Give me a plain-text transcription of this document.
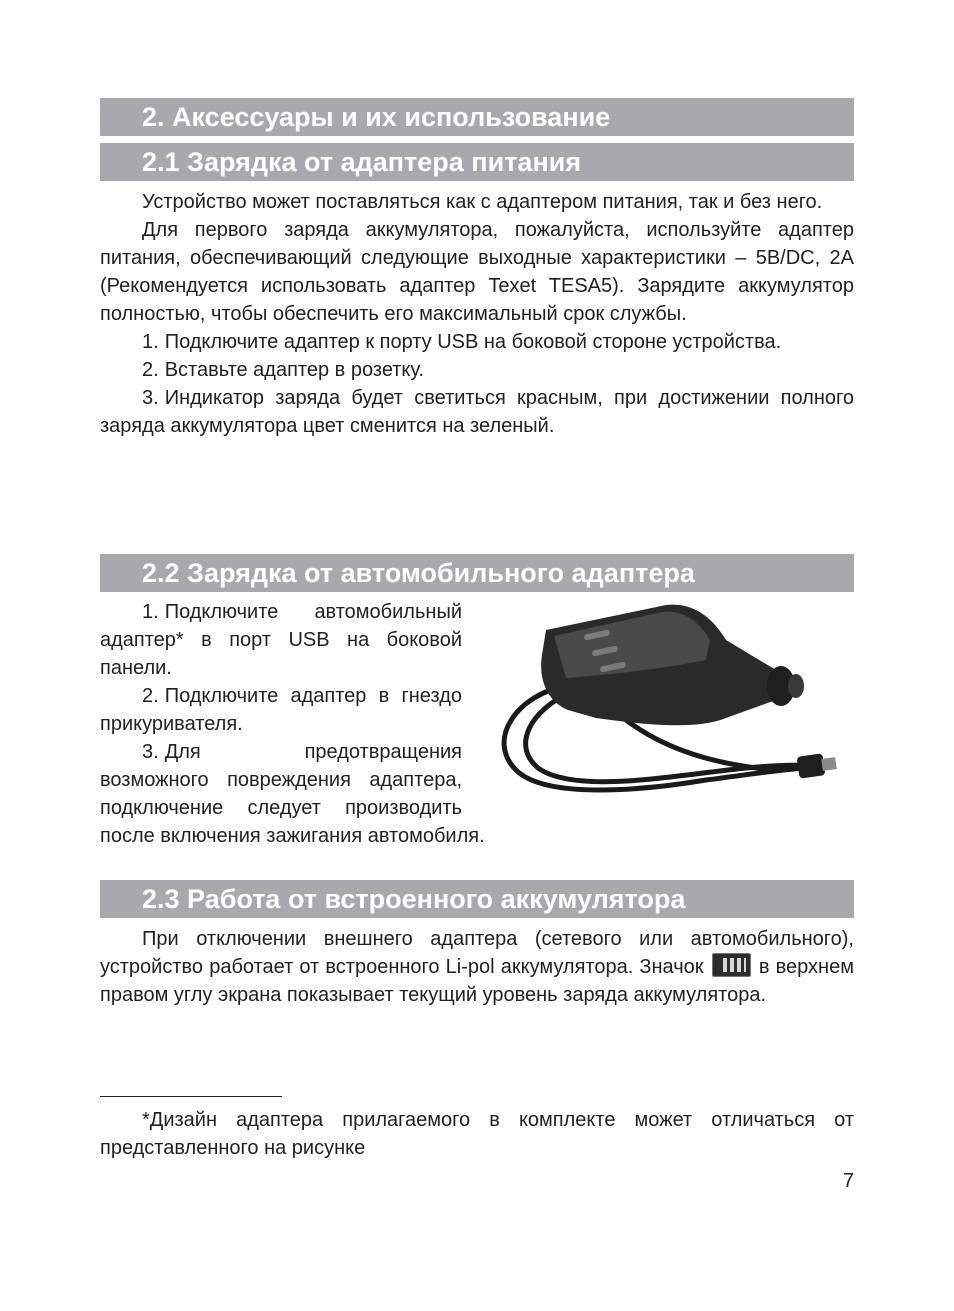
2. Аксессуары и их использование
2.1 Зарядка от адаптера питания

Устройство может поставляться как с адаптером питания, так и без него.

Для первого заряда аккумулятора, пожалуйста, используйте адаптер питания, обеспечивающий следующие выходные характеристики – 5В/DC, 2A (Рекомендуется использовать адаптер Texet TESA5). Зарядите аккумулятор полностью, чтобы обеспечить его максимальный срок службы.

1. Подключите адаптер к порту USB на боковой стороне устройства.

2. Вставьте адаптер в розетку.

3. Индикатор заряда будет светиться красным, при достижении полного заряда аккумулятора цвет сменится на зеленый.

2.2 Зарядка от автомобильного адаптера

1. Подключите автомобильный адаптер* в порт USB на боковой панели.

2. Подключите адаптер в гнездо прикуривателя.

3. Для предотвращения возможного повреждения адаптера, подключение следует производить после включения зажигания автомобиля.

2.3 Работа от встроенного аккумулятора

При отключении внешнего адаптера (сетевого или автомобильного), устройство работает от встроенного Li-pol аккумулятора. Значок	в верхнем правом углу экрана показывает текущий уровень заряда аккумулятора.

*Дизайн адаптера прилагаемого в комплекте может отличаться от представленного на рисунке

7
